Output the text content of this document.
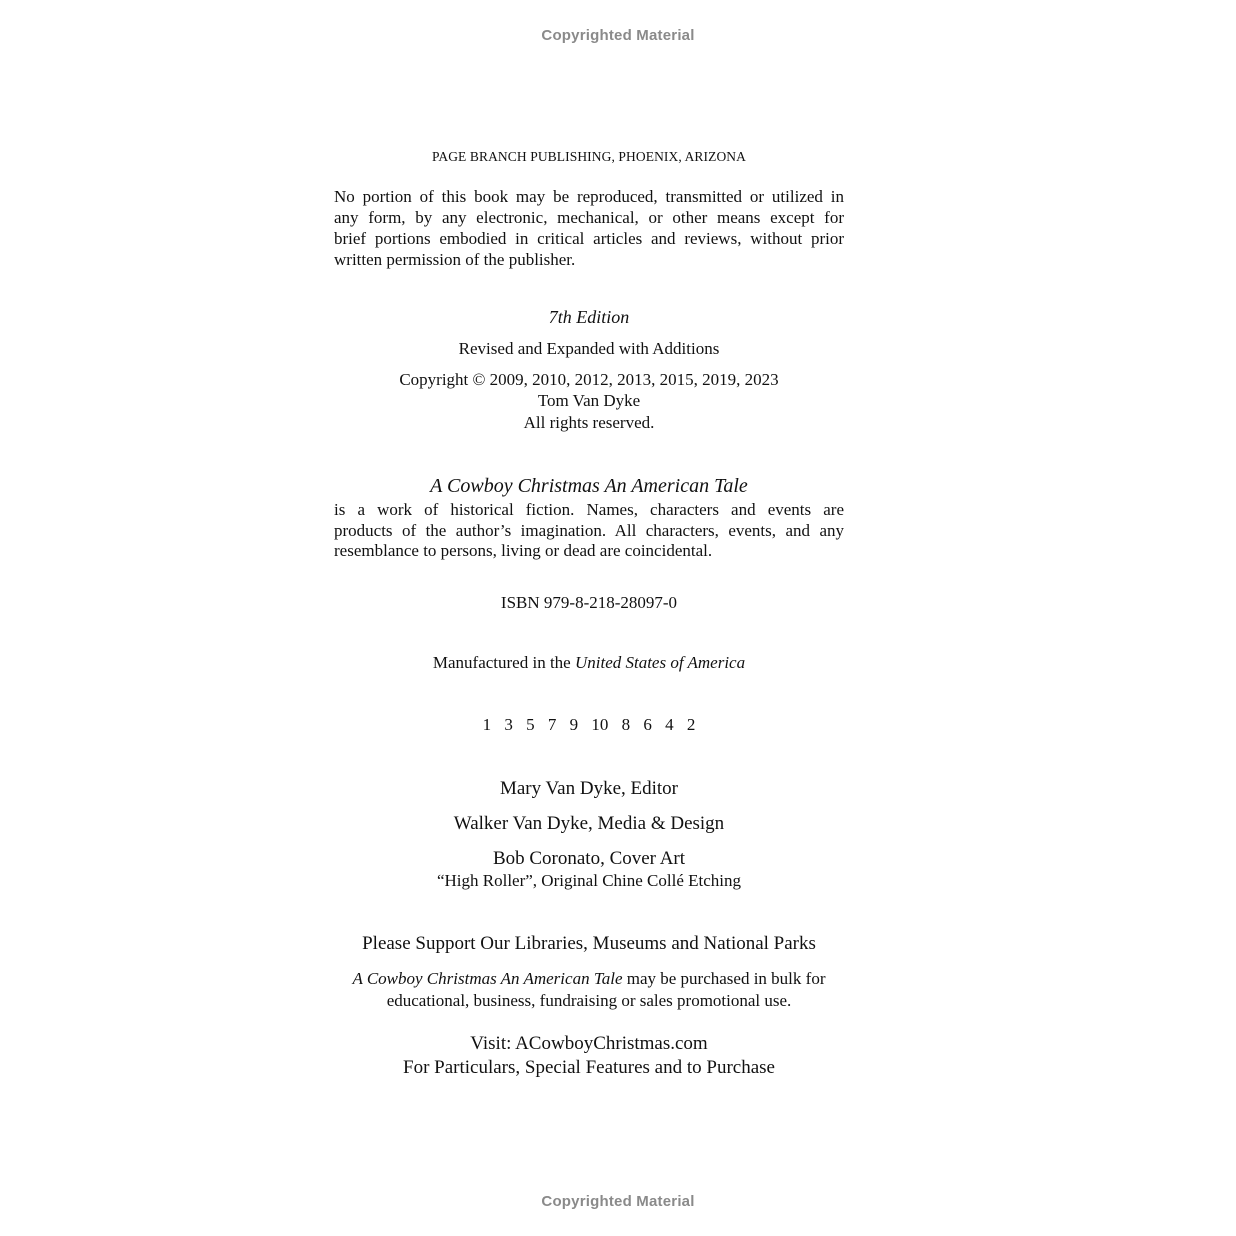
Copyrighted Material
PAGE BRANCH PUBLISHING, PHOENIX, ARIZONA
No portion of this book may be reproduced, transmitted or utilized in
any form, by any electronic, mechanical, or other means except for
brief portions embodied in critical articles and reviews, without prior
written permission of the publisher.
7th Edition
Revised and Expanded with Additions
Copyright © 2009, 2010, 2012, 2013, 2015, 2019, 2023
Tom Van Dyke
All rights reserved.
A Cowboy Christmas An American Tale
is a work of historical fiction. Names, characters and events are
products of the author’s imagination. All characters, events, and any
resemblance to persons, living or dead are coincidental.
ISBN 979-8-218-28097-0
Manufactured in the United States of America
1 3 5 7 9 10 8 6 4 2
Mary Van Dyke, Editor
Walker Van Dyke, Media & Design
Bob Coronato, Cover Art
“High Roller”, Original Chine Collé Etching
Please Support Our Libraries, Museums and National Parks
A Cowboy Christmas An American Tale may be purchased in bulk for
educational, business, fundraising or sales promotional use.
Visit: ACowboyChristmas.com
For Particulars, Special Features and to Purchase
Copyrighted Material
